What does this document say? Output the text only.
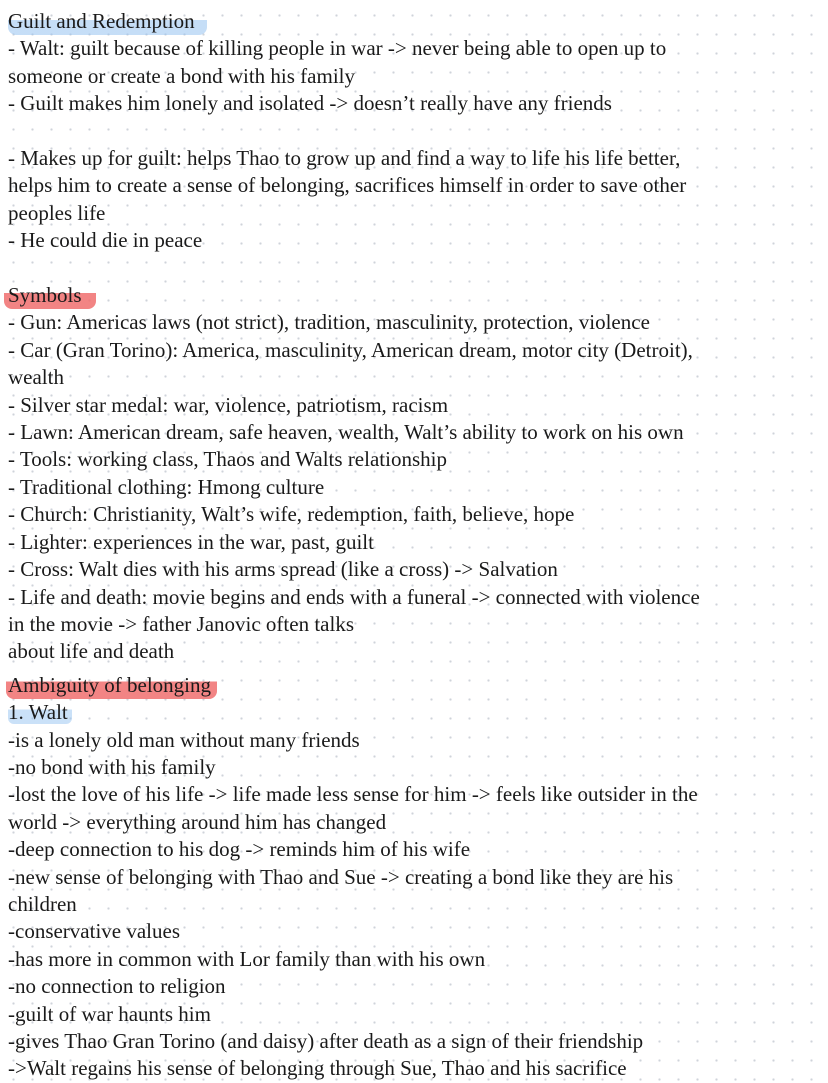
Guilt and Redemption
- Walt: guilt because of killing people in war -> never being able to open up to
someone or create a bond with his family
- Guilt makes him lonely and isolated -> doesn’t really have any friends
- Makes up for guilt: helps Thao to grow up and find a way to life his life better,
helps him to create a sense of belonging, sacrifices himself in order to save other
peoples life
- He could die in peace
Symbols
- Gun: Americas laws (not strict), tradition, masculinity, protection, violence
- Car (Gran Torino): America, masculinity, American dream, motor city (Detroit),
wealth
- Silver star medal: war, violence, patriotism, racism
- Lawn: American dream, safe heaven, wealth, Walt’s ability to work on his own
- Tools: working class, Thaos and Walts relationship
- Traditional clothing: Hmong culture
- Church: Christianity, Walt’s wife, redemption, faith, believe, hope
- Lighter: experiences in the war, past, guilt
- Cross: Walt dies with his arms spread (like a cross) -> Salvation
- Life and death: movie begins and ends with a funeral -> connected with violence
in the movie -> father Janovic often talks
about life and death
Ambiguity of belonging
1. Walt
-is a lonely old man without many friends
-no bond with his family
-lost the love of his life -> life made less sense for him -> feels like outsider in the
world -> everything around him has changed
-deep connection to his dog -> reminds him of his wife
-new sense of belonging with Thao and Sue -> creating a bond like they are his
children
-conservative values
-has more in common with Lor family than with his own
-no connection to religion
-guilt of war haunts him
-gives Thao Gran Torino (and daisy) after death as a sign of their friendship
->Walt regains his sense of belonging through Sue, Thao and his sacrifice
